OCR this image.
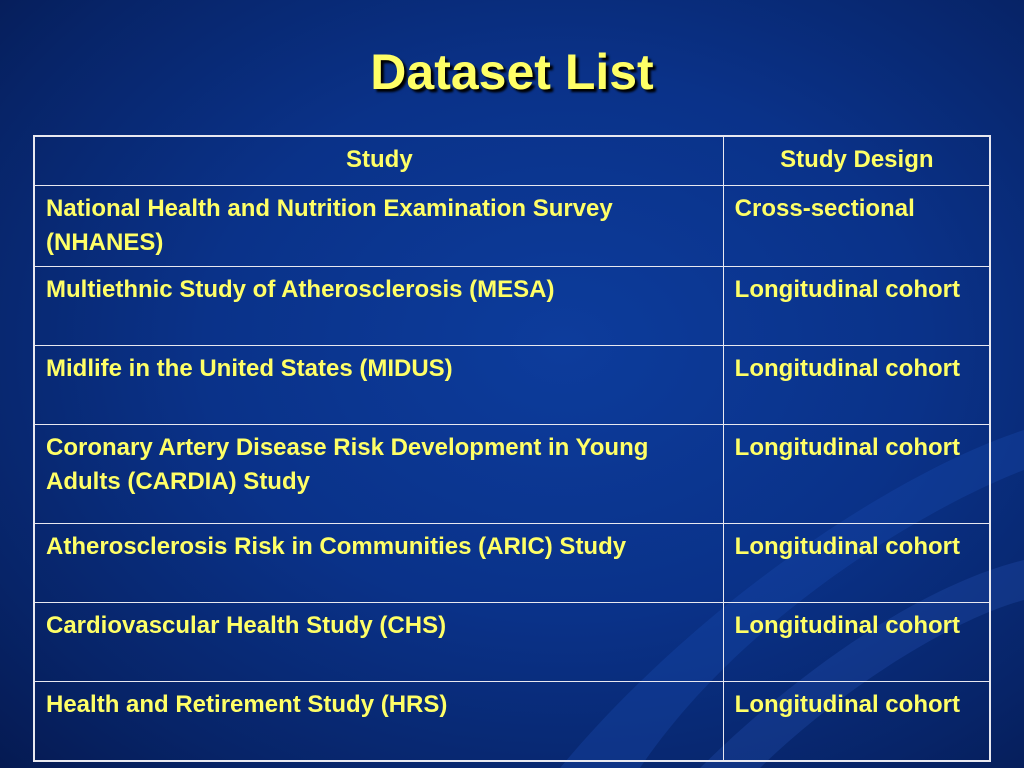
Dataset List
Study	Study Design
National Health and Nutrition Examination Survey (NHANES)	Cross-sectional
Multiethnic Study of Atherosclerosis (MESA)	Longitudinal cohort
Midlife in the United States (MIDUS)	Longitudinal cohort
Coronary Artery Disease Risk Development in Young Adults (CARDIA) Study	Longitudinal cohort
Atherosclerosis Risk in Communities (ARIC) Study	Longitudinal cohort
Cardiovascular Health Study (CHS)	Longitudinal cohort
Health and Retirement Study (HRS)	Longitudinal cohort
